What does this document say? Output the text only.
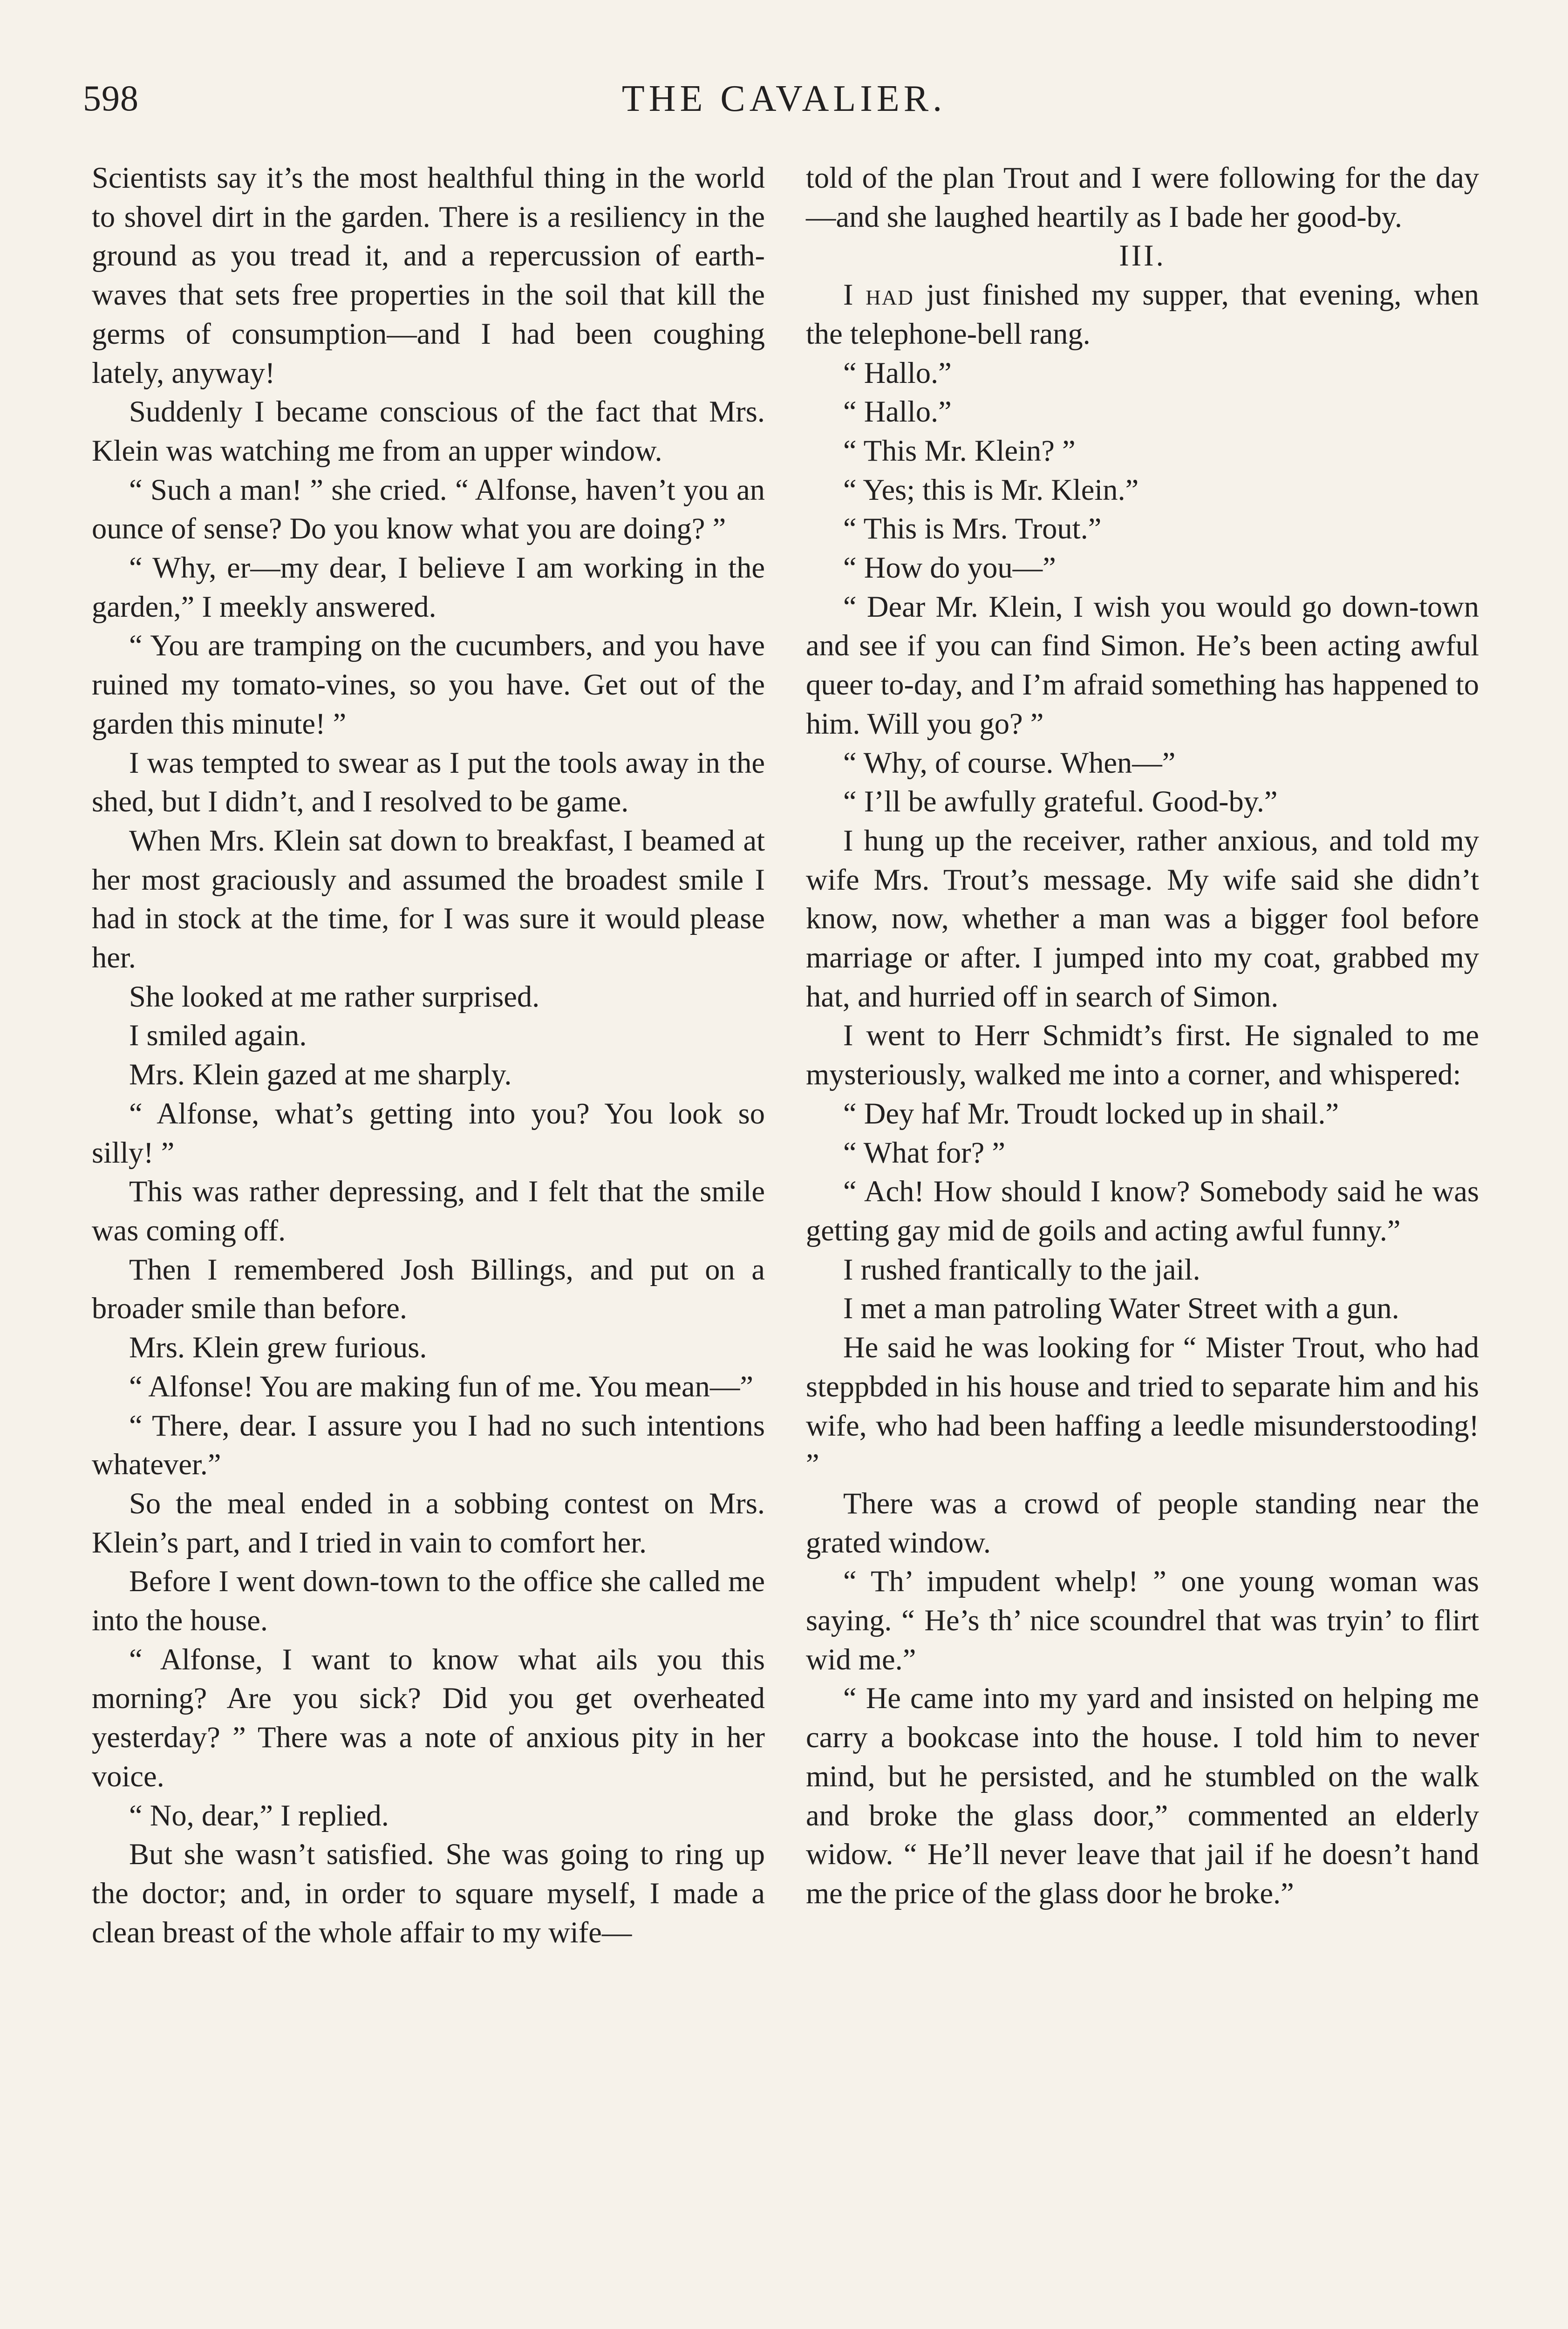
598	THE CAVALIER.

Scientists say it’s the most healthful thing in the world to shovel dirt in the garden. There is a resiliency in the ground as you tread it, and a repercussion of earth-waves that sets free properties in the soil that kill the germs of consumption—and I had been coughing lately, anyway!

Suddenly I became conscious of the fact that Mrs. Klein was watching me from an upper window.

“ Such a man! ” she cried. “ Alfonse, haven’t you an ounce of sense? Do you know what you are doing? ”

“ Why, er—my dear, I believe I am working in the garden,” I meekly answered.

“ You are tramping on the cucumbers, and you have ruined my tomato-vines, so you have. Get out of the garden this minute! ”

I was tempted to swear as I put the tools away in the shed, but I didn’t, and I resolved to be game.

When Mrs. Klein sat down to breakfast, I beamed at her most graciously and assumed the broadest smile I had in stock at the time, for I was sure it would please her.

She looked at me rather surprised.

I smiled again.

Mrs. Klein gazed at me sharply.

“ Alfonse, what’s getting into you? You look so silly! ”

This was rather depressing, and I felt that the smile was coming off.

Then I remembered Josh Billings, and put on a broader smile than before.

Mrs. Klein grew furious.

“ Alfonse! You are making fun of me. You mean—”

“ There, dear. I assure you I had no such intentions whatever.”

So the meal ended in a sobbing contest on Mrs. Klein’s part, and I tried in vain to comfort her.

Before I went down-town to the office she called me into the house.

“ Alfonse, I want to know what ails you this morning? Are you sick? Did you get overheated yesterday? ” There was a note of anxious pity in her voice.

“ No, dear,” I replied.

But she wasn’t satisfied. She was going to ring up the doctor; and, in order to square myself, I made a clean breast of the whole affair to my wife—

told of the plan Trout and I were following for the day—and she laughed heartily as I bade her good-by.

III.

I had just finished my supper, that evening, when the telephone-bell rang.

“ Hallo.”

“ Hallo.”

“ This Mr. Klein? ”

“ Yes; this is Mr. Klein.”

“ This is Mrs. Trout.”

“ How do you—”

“ Dear Mr. Klein, I wish you would go down-town and see if you can find Simon. He’s been acting awful queer to-day, and I’m afraid something has happened to him. Will you go? ”

“ Why, of course. When—”

“ I’ll be awfully grateful. Good-by.”

I hung up the receiver, rather anxious, and told my wife Mrs. Trout’s message. My wife said she didn’t know, now, whether a man was a bigger fool before marriage or after. I jumped into my coat, grabbed my hat, and hurried off in search of Simon.

I went to Herr Schmidt’s first. He signaled to me mysteriously, walked me into a corner, and whispered:

“ Dey haf Mr. Troudt locked up in shail.”

“ What for? ”

“ Ach! How should I know? Somebody said he was getting gay mid de goils and acting awful funny.”

I rushed frantically to the jail.

I met a man patroling Water Street with a gun.

He said he was looking for “ Mister Trout, who had steppbded in his house and tried to separate him and his wife, who had been haffing a leedle misunderstooding! ”

There was a crowd of people standing near the grated window.

“ Th’ impudent whelp! ” one young woman was saying. “ He’s th’ nice scoundrel that was tryin’ to flirt wid me.”

“ He came into my yard and insisted on helping me carry a bookcase into the house. I told him to never mind, but he persisted, and he stumbled on the walk and broke the glass door,” commented an elderly widow. “ He’ll never leave that jail if he doesn’t hand me the price of the glass door he broke.”
